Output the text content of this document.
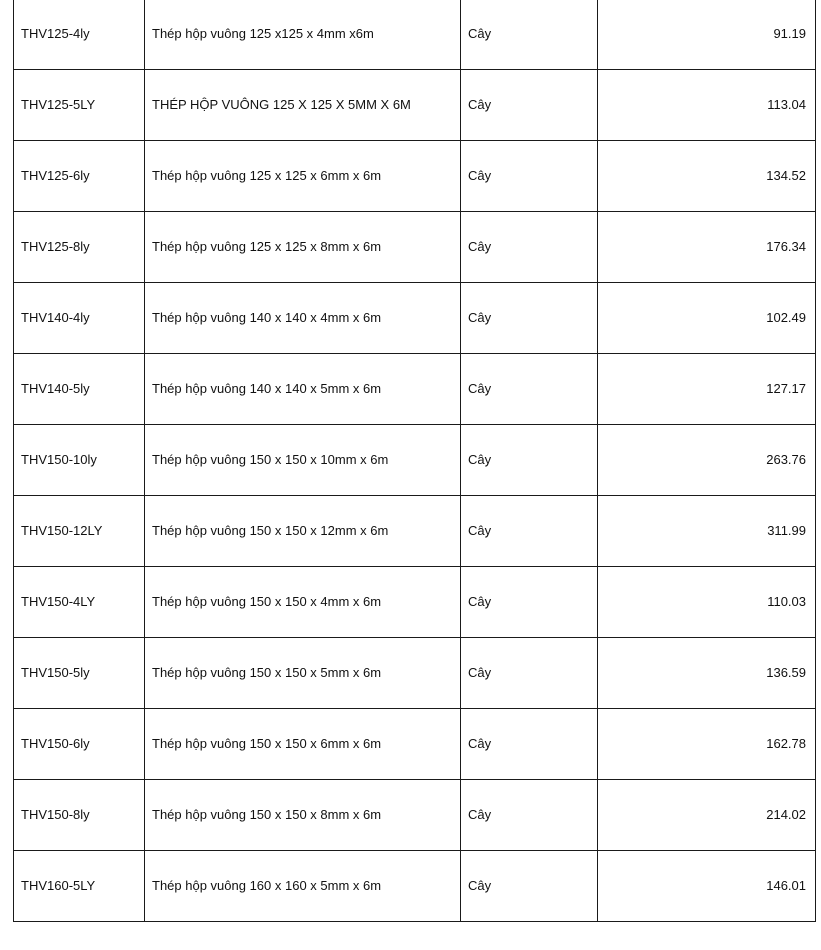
THV125-4ly	Thép hộp vuông 125 x125 x 4mm x6m	Cây	91.19
THV125-5LY	THÉP HỘP VUÔNG 125 X 125 X 5MM X 6M	Cây	113.04
THV125-6ly	Thép hộp vuông 125 x 125 x 6mm x 6m	Cây	134.52
THV125-8ly	Thép hộp vuông 125 x 125 x 8mm x 6m	Cây	176.34
THV140-4ly	Thép hộp vuông 140 x 140 x 4mm x 6m	Cây	102.49
THV140-5ly	Thép hộp vuông 140 x 140 x 5mm x 6m	Cây	127.17
THV150-10ly	Thép hộp vuông 150 x 150 x 10mm x 6m	Cây	263.76
THV150-12LY	Thép hộp vuông 150 x 150 x 12mm x 6m	Cây	311.99
THV150-4LY	Thép hộp vuông 150 x 150 x 4mm x 6m	Cây	110.03
THV150-5ly	Thép hộp vuông 150 x 150 x 5mm x 6m	Cây	136.59
THV150-6ly	Thép hộp vuông 150 x 150 x 6mm x 6m	Cây	162.78
THV150-8ly	Thép hộp vuông 150 x 150 x 8mm x 6m	Cây	214.02
THV160-5LY	Thép hộp vuông 160 x 160 x 5mm x 6m	Cây	146.01
